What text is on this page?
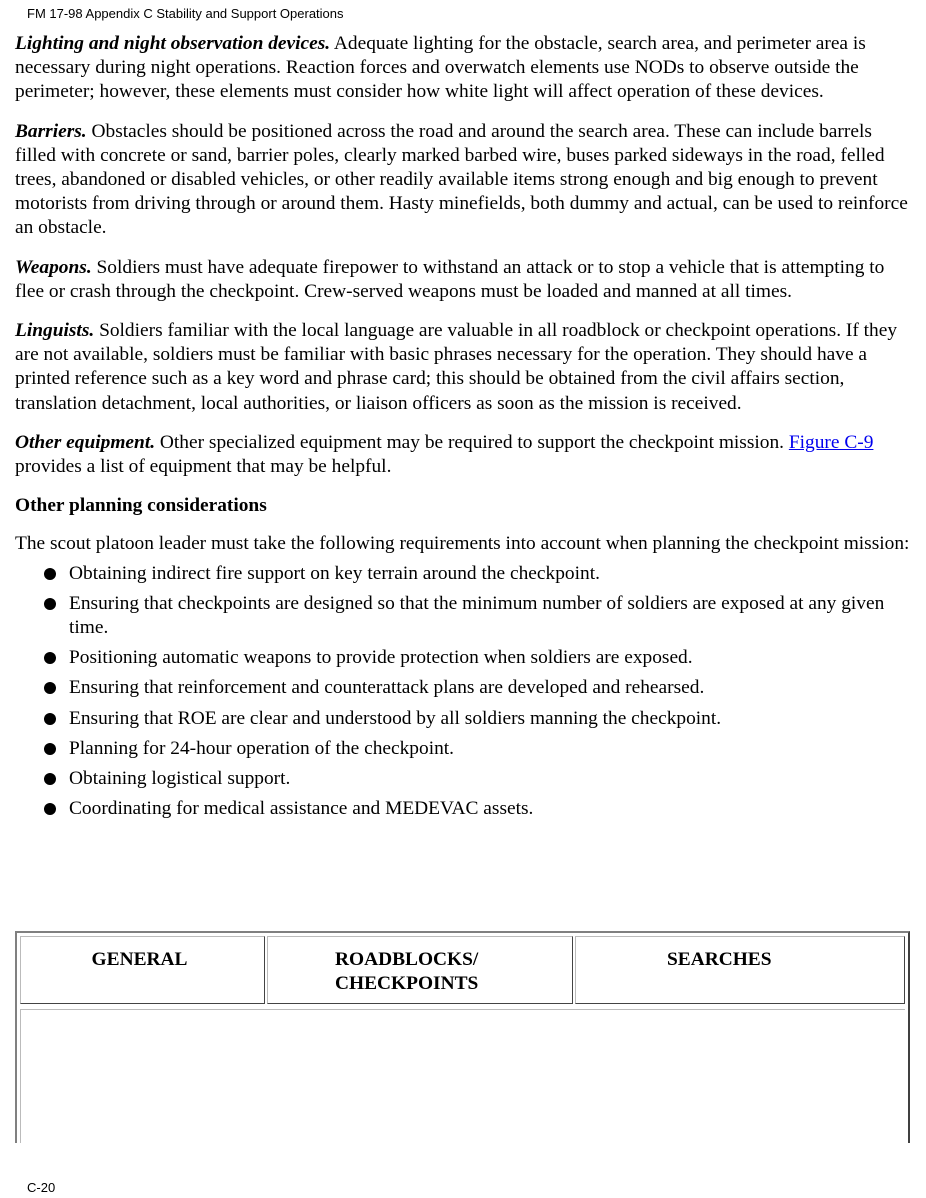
FM 17-98 Appendix C Stability and Support Operations

Lighting and night observation devices. Adequate lighting for the obstacle, search area, and perimeter area is necessary during night operations. Reaction forces and overwatch elements use NODs to observe outside the perimeter; however, these elements must consider how white light will affect operation of these devices.

Barriers. Obstacles should be positioned across the road and around the search area. These can include barrels filled with concrete or sand, barrier poles, clearly marked barbed wire, buses parked sideways in the road, felled trees, abandoned or disabled vehicles, or other readily available items strong enough and big enough to prevent motorists from driving through or around them. Hasty minefields, both dummy and actual, can be used to reinforce an obstacle.

Weapons. Soldiers must have adequate firepower to withstand an attack or to stop a vehicle that is attempting to flee or crash through the checkpoint. Crew-served weapons must be loaded and manned at all times.

Linguists. Soldiers familiar with the local language are valuable in all roadblock or checkpoint operations. If they are not available, soldiers must be familiar with basic phrases necessary for the operation. They should have a printed reference such as a key word and phrase card; this should be obtained from the civil affairs section, translation detachment, local authorities, or liaison officers as soon as the mission is received.

Other equipment. Other specialized equipment may be required to support the checkpoint mission. Figure C-9 provides a list of equipment that may be helpful.

Other planning considerations

The scout platoon leader must take the following requirements into account when planning the checkpoint mission:

Obtaining indirect fire support on key terrain around the checkpoint.
Ensuring that checkpoints are designed so that the minimum number of soldiers are exposed at any given time.
Positioning automatic weapons to provide protection when soldiers are exposed.
Ensuring that reinforcement and counterattack plans are developed and rehearsed.
Ensuring that ROE are clear and understood by all soldiers manning the checkpoint.
Planning for 24-hour operation of the checkpoint.
Obtaining logistical support.
Coordinating for medical assistance and MEDEVAC assets.
GENERAL	ROADBLOCKS/
CHECKPOINTS
SEARCHES
C-20
